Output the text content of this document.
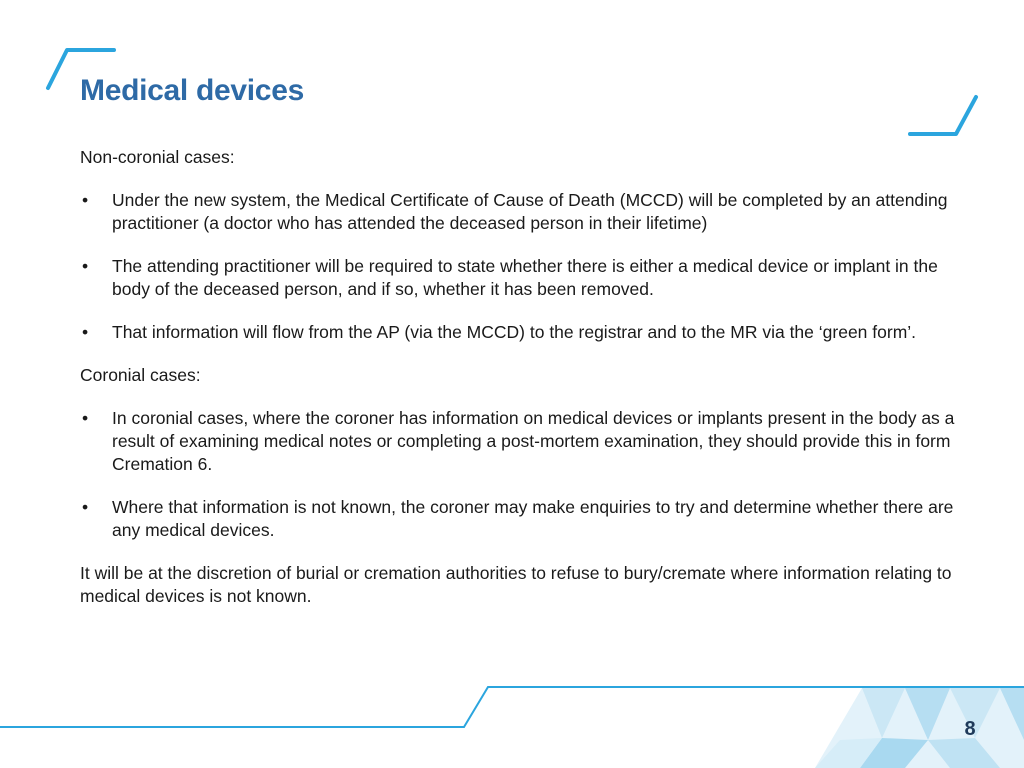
Medical devices

Non-coronial cases:

• Under the new system, the Medical Certificate of Cause of Death (MCCD) will be completed by an attending practitioner (a doctor who has attended the deceased person in their lifetime)
• The attending practitioner will be required to state whether there is either a medical device or implant in the body of the deceased person, and if so, whether it has been removed.
• That information will flow from the AP (via the MCCD) to the registrar and to the MR via the ‘green form’.

Coronial cases:

• In coronial cases, where the coroner has information on medical devices or implants present in the body as a result of examining medical notes or completing a post-mortem examination, they should provide this in form Cremation 6.
• Where that information is not known, the coroner may make enquiries to try and determine whether there are any medical devices.

It will be at the discretion of burial or cremation authorities to refuse to bury/cremate where information relating to medical devices is not known.

8
